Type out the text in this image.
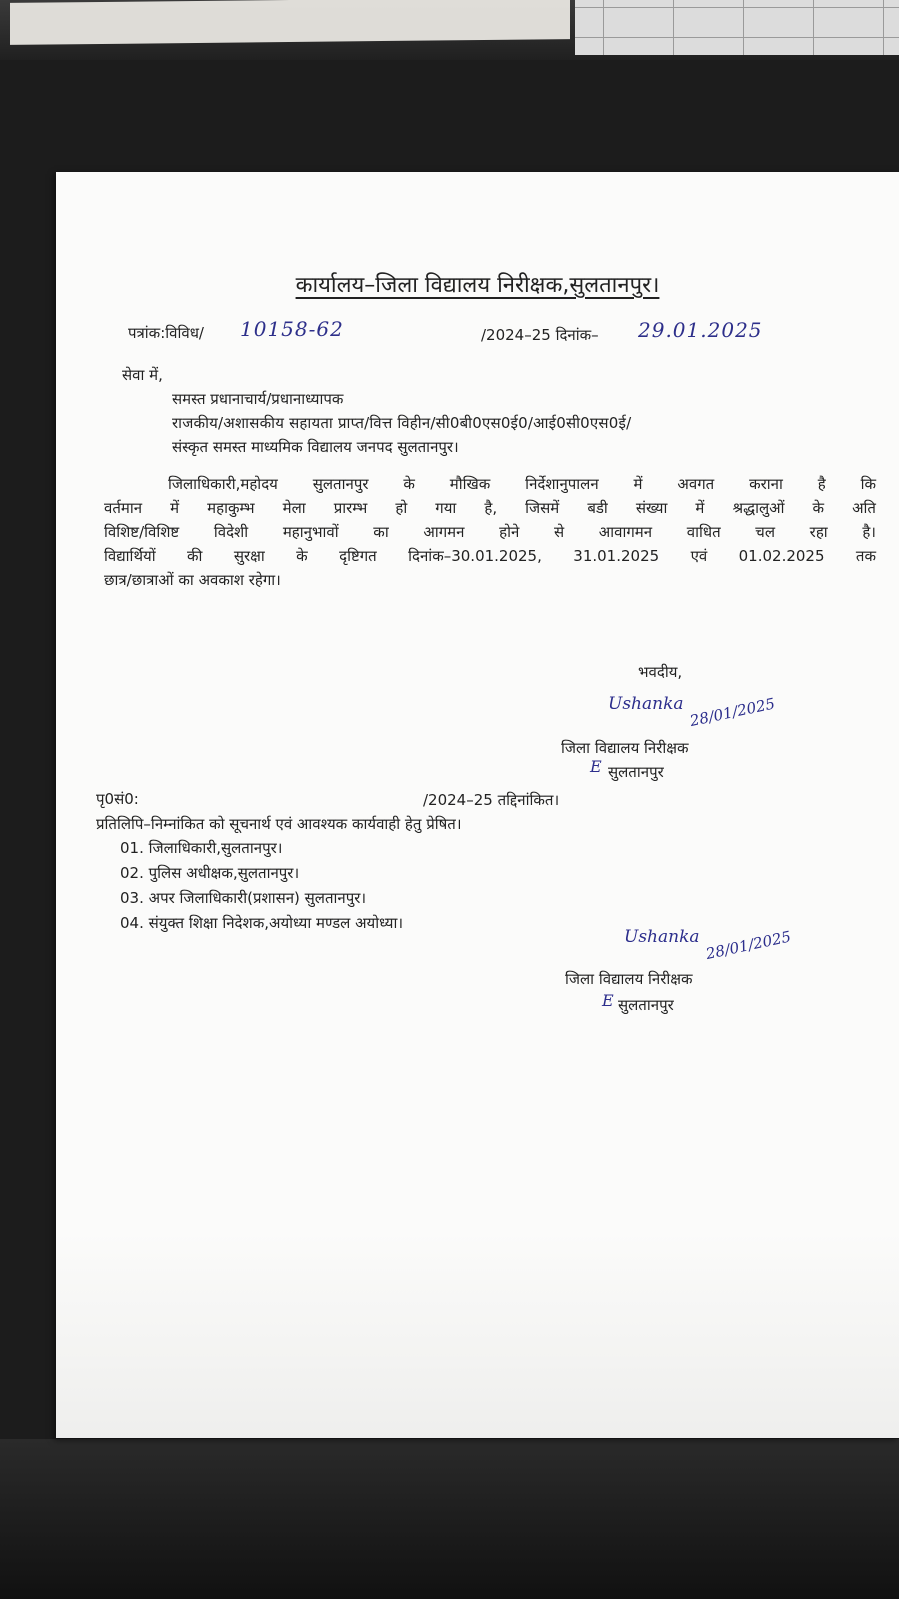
कार्यालय–जिला विद्यालय निरीक्षक,सुलतानपुर।
पत्रांक:विविध/ 10158-62	/2024–25 दिनांक– 29.01.2025
सेवा में,
समस्त प्रधानाचार्य/प्रधानाध्यापक
राजकीय/अशासकीय सहायता प्राप्त/वित्त विहीन/सी0बी0एस0ई0/आई0सी0एस0ई/
संस्कृत समस्त माध्यमिक विद्यालय जनपद सुलतानपुर।
जिलाधिकारी,महोदय सुलतानपुर के मौखिक निर्देशानुपालन में अवगत कराना है कि
वर्तमान में महाकुम्भ मेला प्रारम्भ हो गया है, जिसमें बडी संख्या में श्रद्धालुओं के अति
विशिष्ट/विशिष्ट विदेशी महानुभावों का आगमन होने से आवागमन वाधित चल रहा है।
विद्यार्थियों की सुरक्षा के दृष्टिगत दिनांक–30.01.2025, 31.01.2025 एवं 01.02.2025 तक
छात्र/छात्राओं का अवकाश रहेगा।
भवदीय,
Ushanka 28/01/2025
जिला विद्यालय निरीक्षक
E सुलतानपुर
पृ0सं0:	/2024–25 तद्दिनांकित।
प्रतिलिपि–निम्नांकित को सूचनार्थ एवं आवश्यक कार्यवाही हेतु प्रेषित।
01. जिलाधिकारी,सुलतानपुर।
02. पुलिस अधीक्षक,सुलतानपुर।
03. अपर जिलाधिकारी(प्रशासन) सुलतानपुर।
04. संयुक्त शिक्षा निदेशक,अयोध्या मण्डल अयोध्या।
Ushanka 28/01/2025
जिला विद्यालय निरीक्षक
E सुलतानपुर
